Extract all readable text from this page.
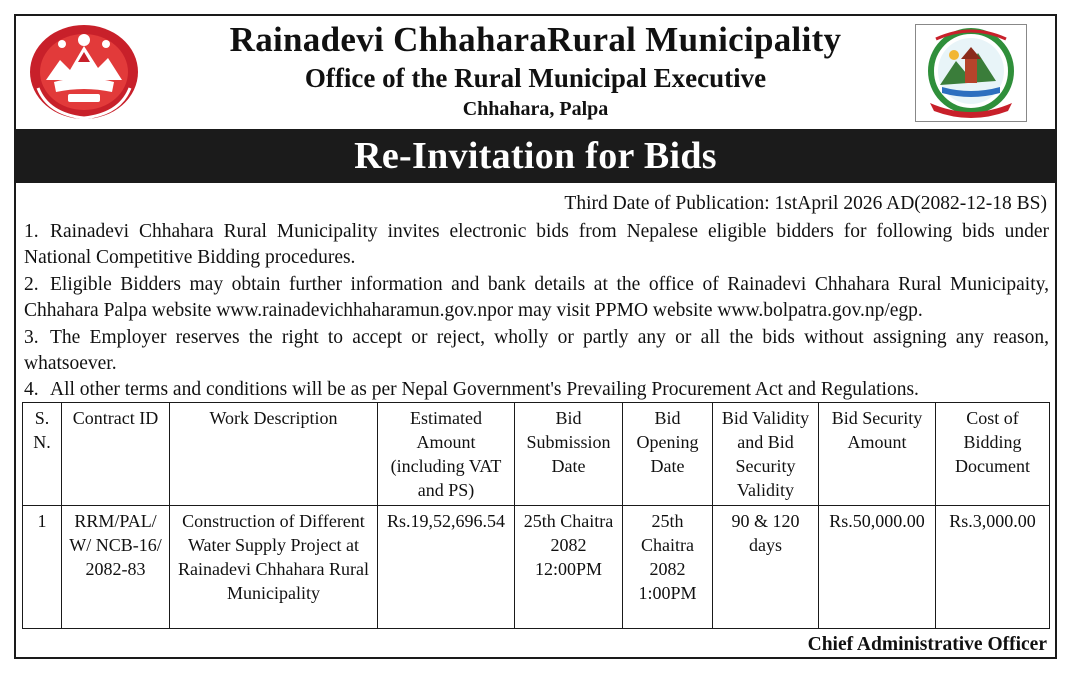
Rainadevi ChhaharaRural Municipality
Office of the Rural Municipal Executive
Chhahara, Palpa
Re-Invitation for Bids
Third Date of Publication: 1stApril 2026 AD(2082-12-18 BS)
1. Rainadevi Chhahara Rural Municipality invites electronic bids from Nepalese eligible bidders for following bids under National Competitive Bidding procedures.
2. Eligible Bidders may obtain further information and bank details at the office of Rainadevi Chhahara Rural Municipaity, Chhahara Palpa website www.rainadevichhaharamun.gov.npor may visit PPMO website www.bolpatra.gov.np/egp.
3. The Employer reserves the right to accept or reject, wholly or partly any or all the bids without assigning any reason, whatsoever.
4. All other terms and conditions will be as per Nepal Government's Prevailing Procurement Act and Regulations.
S. N.	Contract ID	Work Description	Estimated Amount (including VAT and PS)	Bid Submission Date	Bid Opening Date	Bid Validity and Bid Security Validity	Bid Security Amount	Cost of Bidding Document
1	RRM/PAL/ W/ NCB-16/ 2082-83	Construction of Different Water Supply Project at Rainadevi Chhahara Rural Municipality	Rs.19,52,696.54	25th Chaitra 2082 12:00PM	25th Chaitra 2082 1:00PM	90 & 120 days	Rs.50,000.00	Rs.3,000.00
Chief Administrative Officer
